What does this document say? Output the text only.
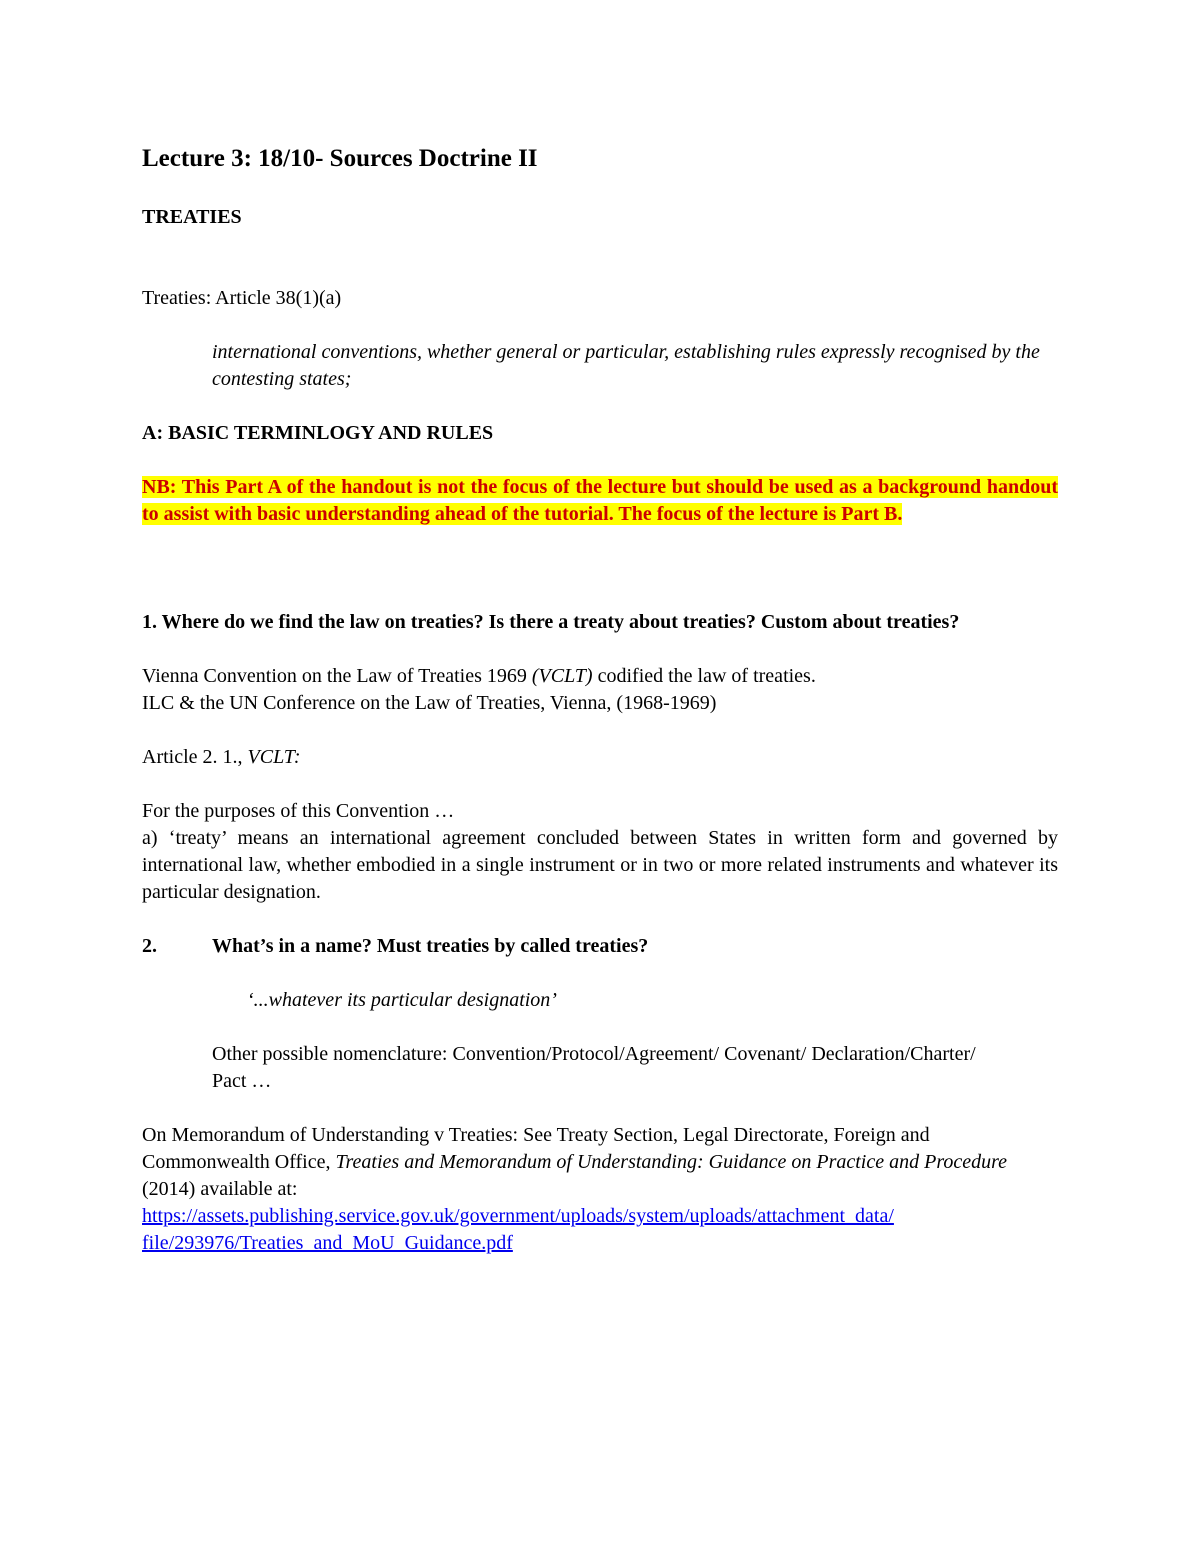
Lecture 3: 18/10- Sources Doctrine II
TREATIES
Treaties: Article 38(1)(a)
international conventions, whether general or particular, establishing rules expressly recognised by the contesting states;
A: BASIC TERMINLOGY AND RULES
NB: This Part A of the handout is not the focus of the lecture but should be used as a background handout to assist with basic understanding ahead of the tutorial. The focus of the lecture is Part B.
1. Where do we find the law on treaties? Is there a treaty about treaties? Custom about treaties?

Vienna Convention on the Law of Treaties 1969 (VCLT) codified the law of treaties.

ILC & the UN Conference on the Law of Treaties, Vienna, (1968-1969)

Article 2. 1., VCLT:

For the purposes of this Convention …

a) ‘treaty’ means an international agreement concluded between States in written form and governed by international law, whether embodied in a single instrument or in two or more related instruments and whatever its particular designation.

2.	What’s in a name? Must treaties by called treaties?
‘...whatever its particular designation’
Other possible nomenclature: Convention/Protocol/Agreement/ Covenant/ Declaration/Charter/ Pact …
On Memorandum of Understanding v Treaties: See Treaty Section, Legal Directorate, Foreign and Commonwealth Office, Treaties and Memorandum of Understanding: Guidance on Practice and Procedure (2014) available at:

https://assets.publishing.service.gov.uk/government/uploads/system/uploads/attachment_data/

file/293976/Treaties_and_MoU_Guidance.pdf
